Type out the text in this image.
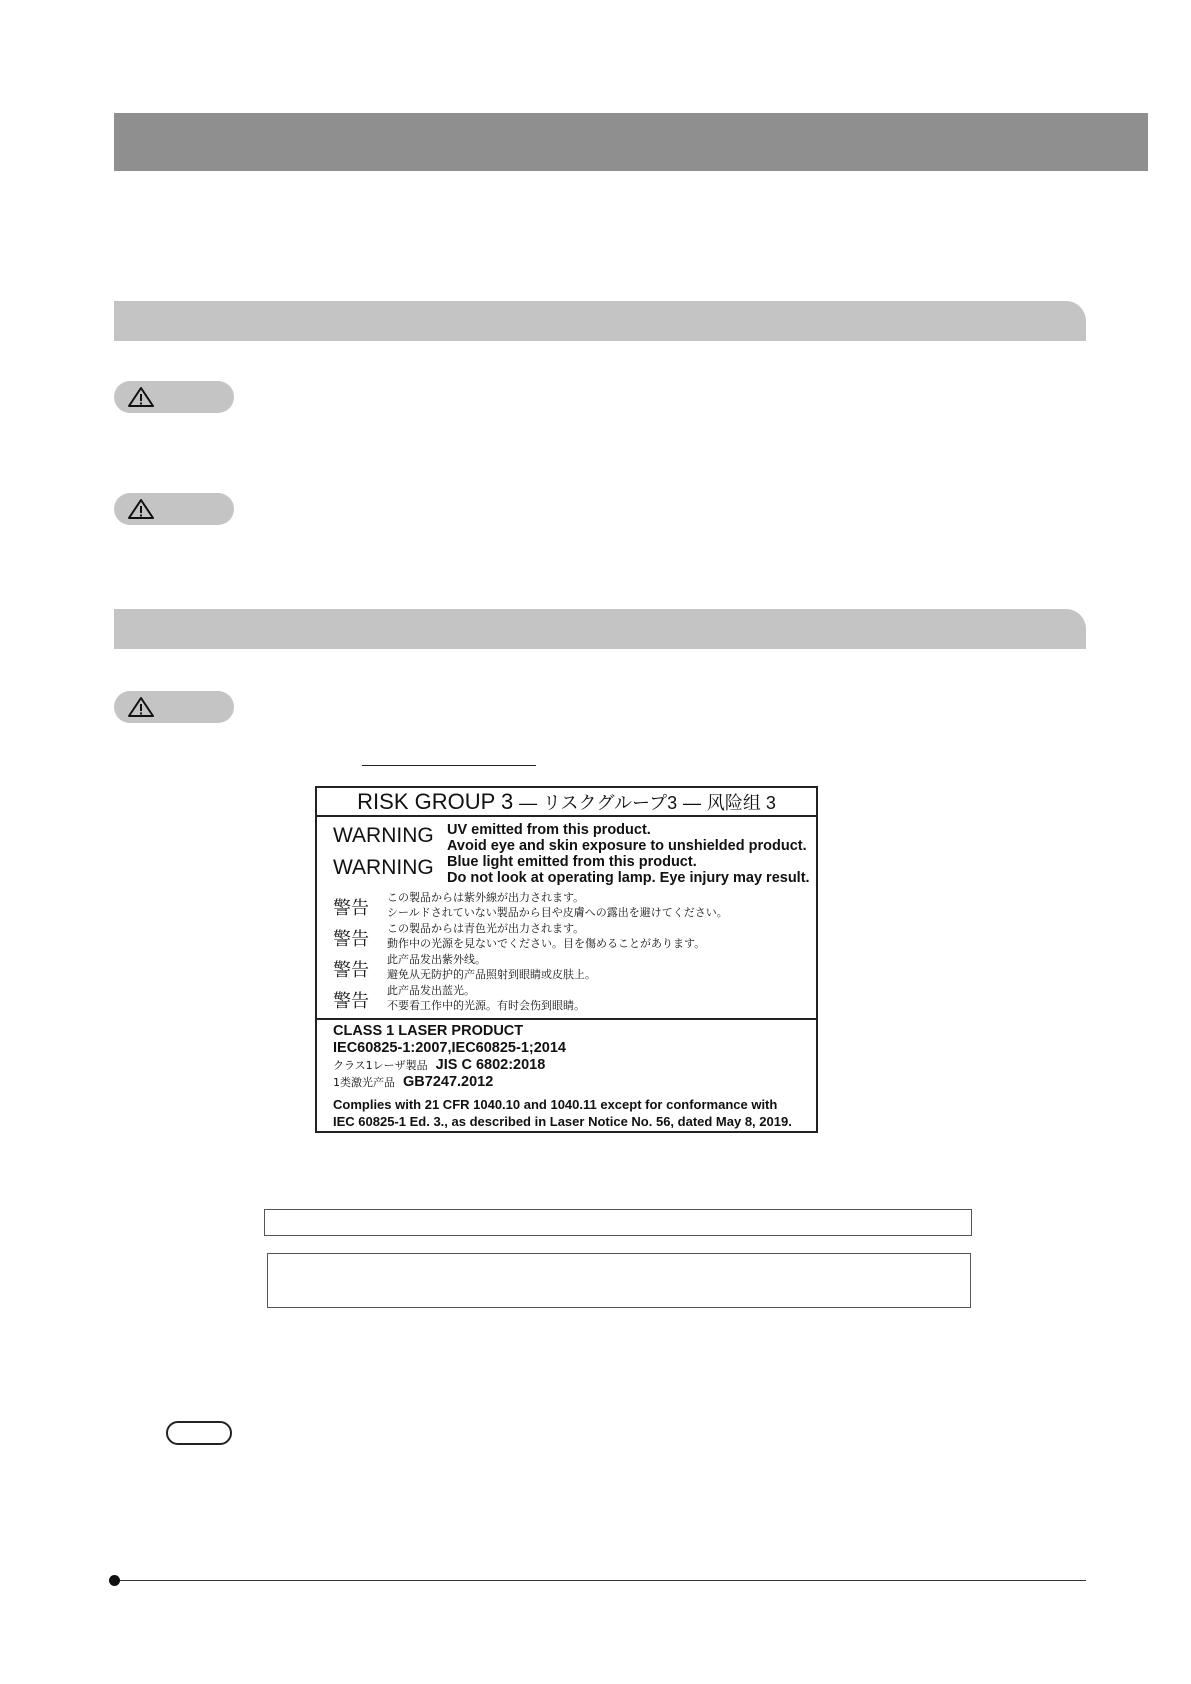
RISK GROUP 3 — リスクグループ3 — 风险组 3
WARNING UV emitted from this product.
Avoid eye and skin exposure to unshielded product.
WARNING Blue light emitted from this product.
Do not look at operating lamp. Eye injury may result.
警告
この製品からは紫外線が出力されます。
シールドされていない製品から目や皮膚への露出を避けてください。
警告
この製品からは青色光が出力されます。
動作中の光源を見ないでください。目を傷めることがあります。
警告
此产品发出紫外线。
避免从无防护的产品照射到眼睛或皮肤上。
警告
此产品发出蓝光。
不要看工作中的光源。有时会伤到眼睛。
CLASS 1 LASER PRODUCT
IEC60825-1:2007,IEC60825-1;2014
クラス1レーザ製品 JIS C 6802:2018
1类激光产品 GB7247.2012
Complies with 21 CFR 1040.10 and 1040.11 except for conformance with
IEC 60825-1 Ed. 3., as described in Laser Notice No. 56, dated May 8, 2019.
